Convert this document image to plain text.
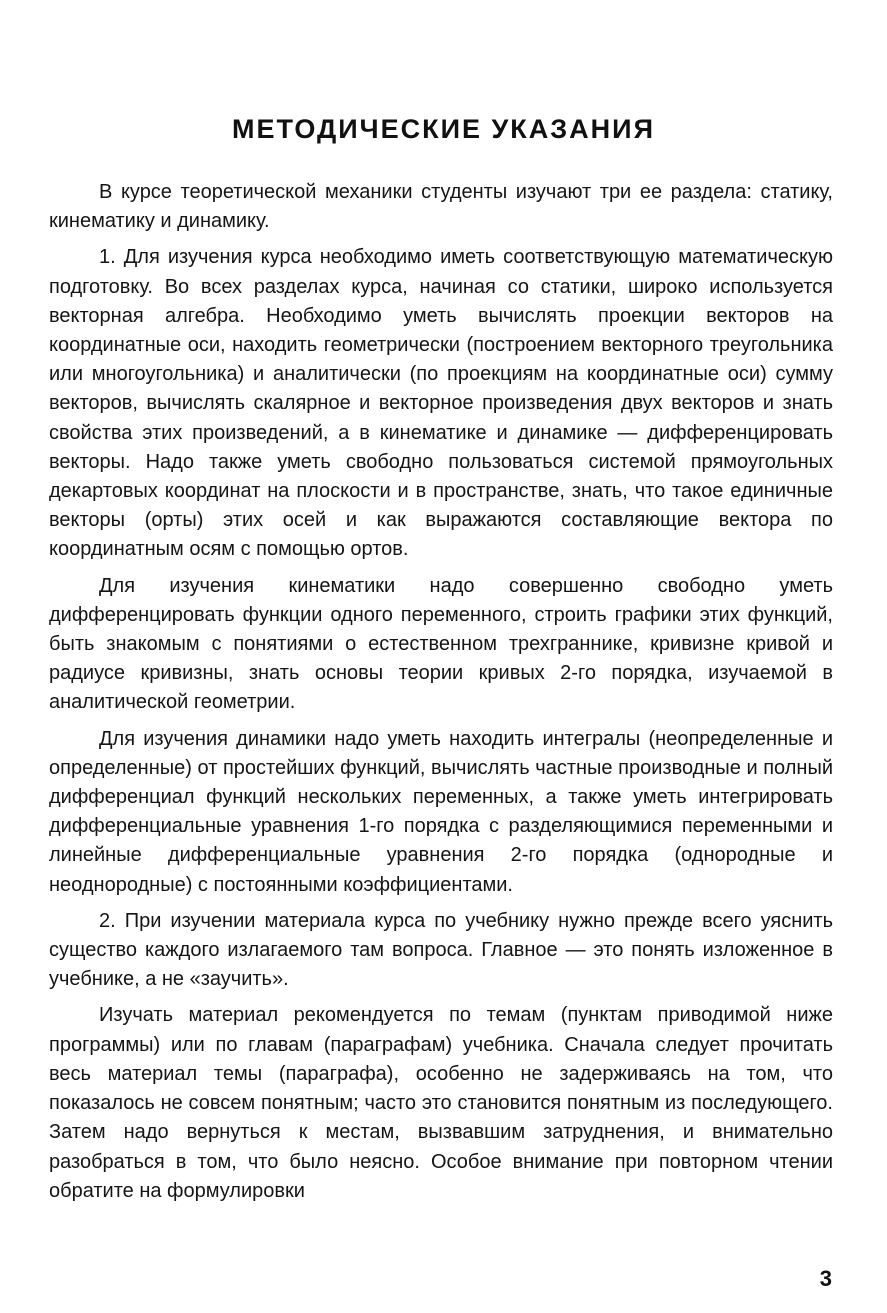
МЕТОДИЧЕСКИЕ УКАЗАНИЯ

В курсе теоретической механики студенты изучают три ее раздела: статику, кинематику и динамику.

1. Для изучения курса необходимо иметь соответствующую математическую подготовку. Во всех разделах курса, начиная со статики, широко используется векторная алгебра. Необходимо уметь вычислять проекции векторов на координатные оси, находить геометрически (построением векторного треугольника или многоугольника) и аналитически (по проекциям на координатные оси) сумму векторов, вычислять скалярное и векторное произведения двух векторов и знать свойства этих произведений, а в кинематике и динамике — дифференцировать векторы. Надо также уметь свободно пользоваться системой прямоугольных декартовых координат на плоскости и в пространстве, знать, что такое единичные векторы (орты) этих осей и как выражаются составляющие вектора по координатным осям с помощью ортов.

Для изучения кинематики надо совершенно свободно уметь дифференцировать функции одного переменного, строить графики этих функций, быть знакомым с понятиями о естественном трехграннике, кривизне кривой и радиусе кривизны, знать основы теории кривых 2-го порядка, изучаемой в аналитической геометрии.

Для изучения динамики надо уметь находить интегралы (неопределенные и определенные) от простейших функций, вычислять частные производные и полный дифференциал функций нескольких переменных, а также уметь интегрировать дифференциальные уравнения 1-го порядка с разделяющимися переменными и линейные дифференциальные уравнения 2-го порядка (однородные и неоднородные) с постоянными коэффициентами.

2. При изучении материала курса по учебнику нужно прежде всего уяснить существо каждого излагаемого там вопроса. Главное — это понять изложенное в учебнике, а не «заучить».

Изучать материал рекомендуется по темам (пунктам приводимой ниже программы) или по главам (параграфам) учебника. Сначала следует прочитать весь материал темы (параграфа), особенно не задерживаясь на том, что показалось не совсем понятным; часто это становится понятным из последующего. Затем надо вернуться к местам, вызвавшим затруднения, и внимательно разобраться в том, что было неясно. Особое внимание при повторном чтении обратите на формулировки

3
